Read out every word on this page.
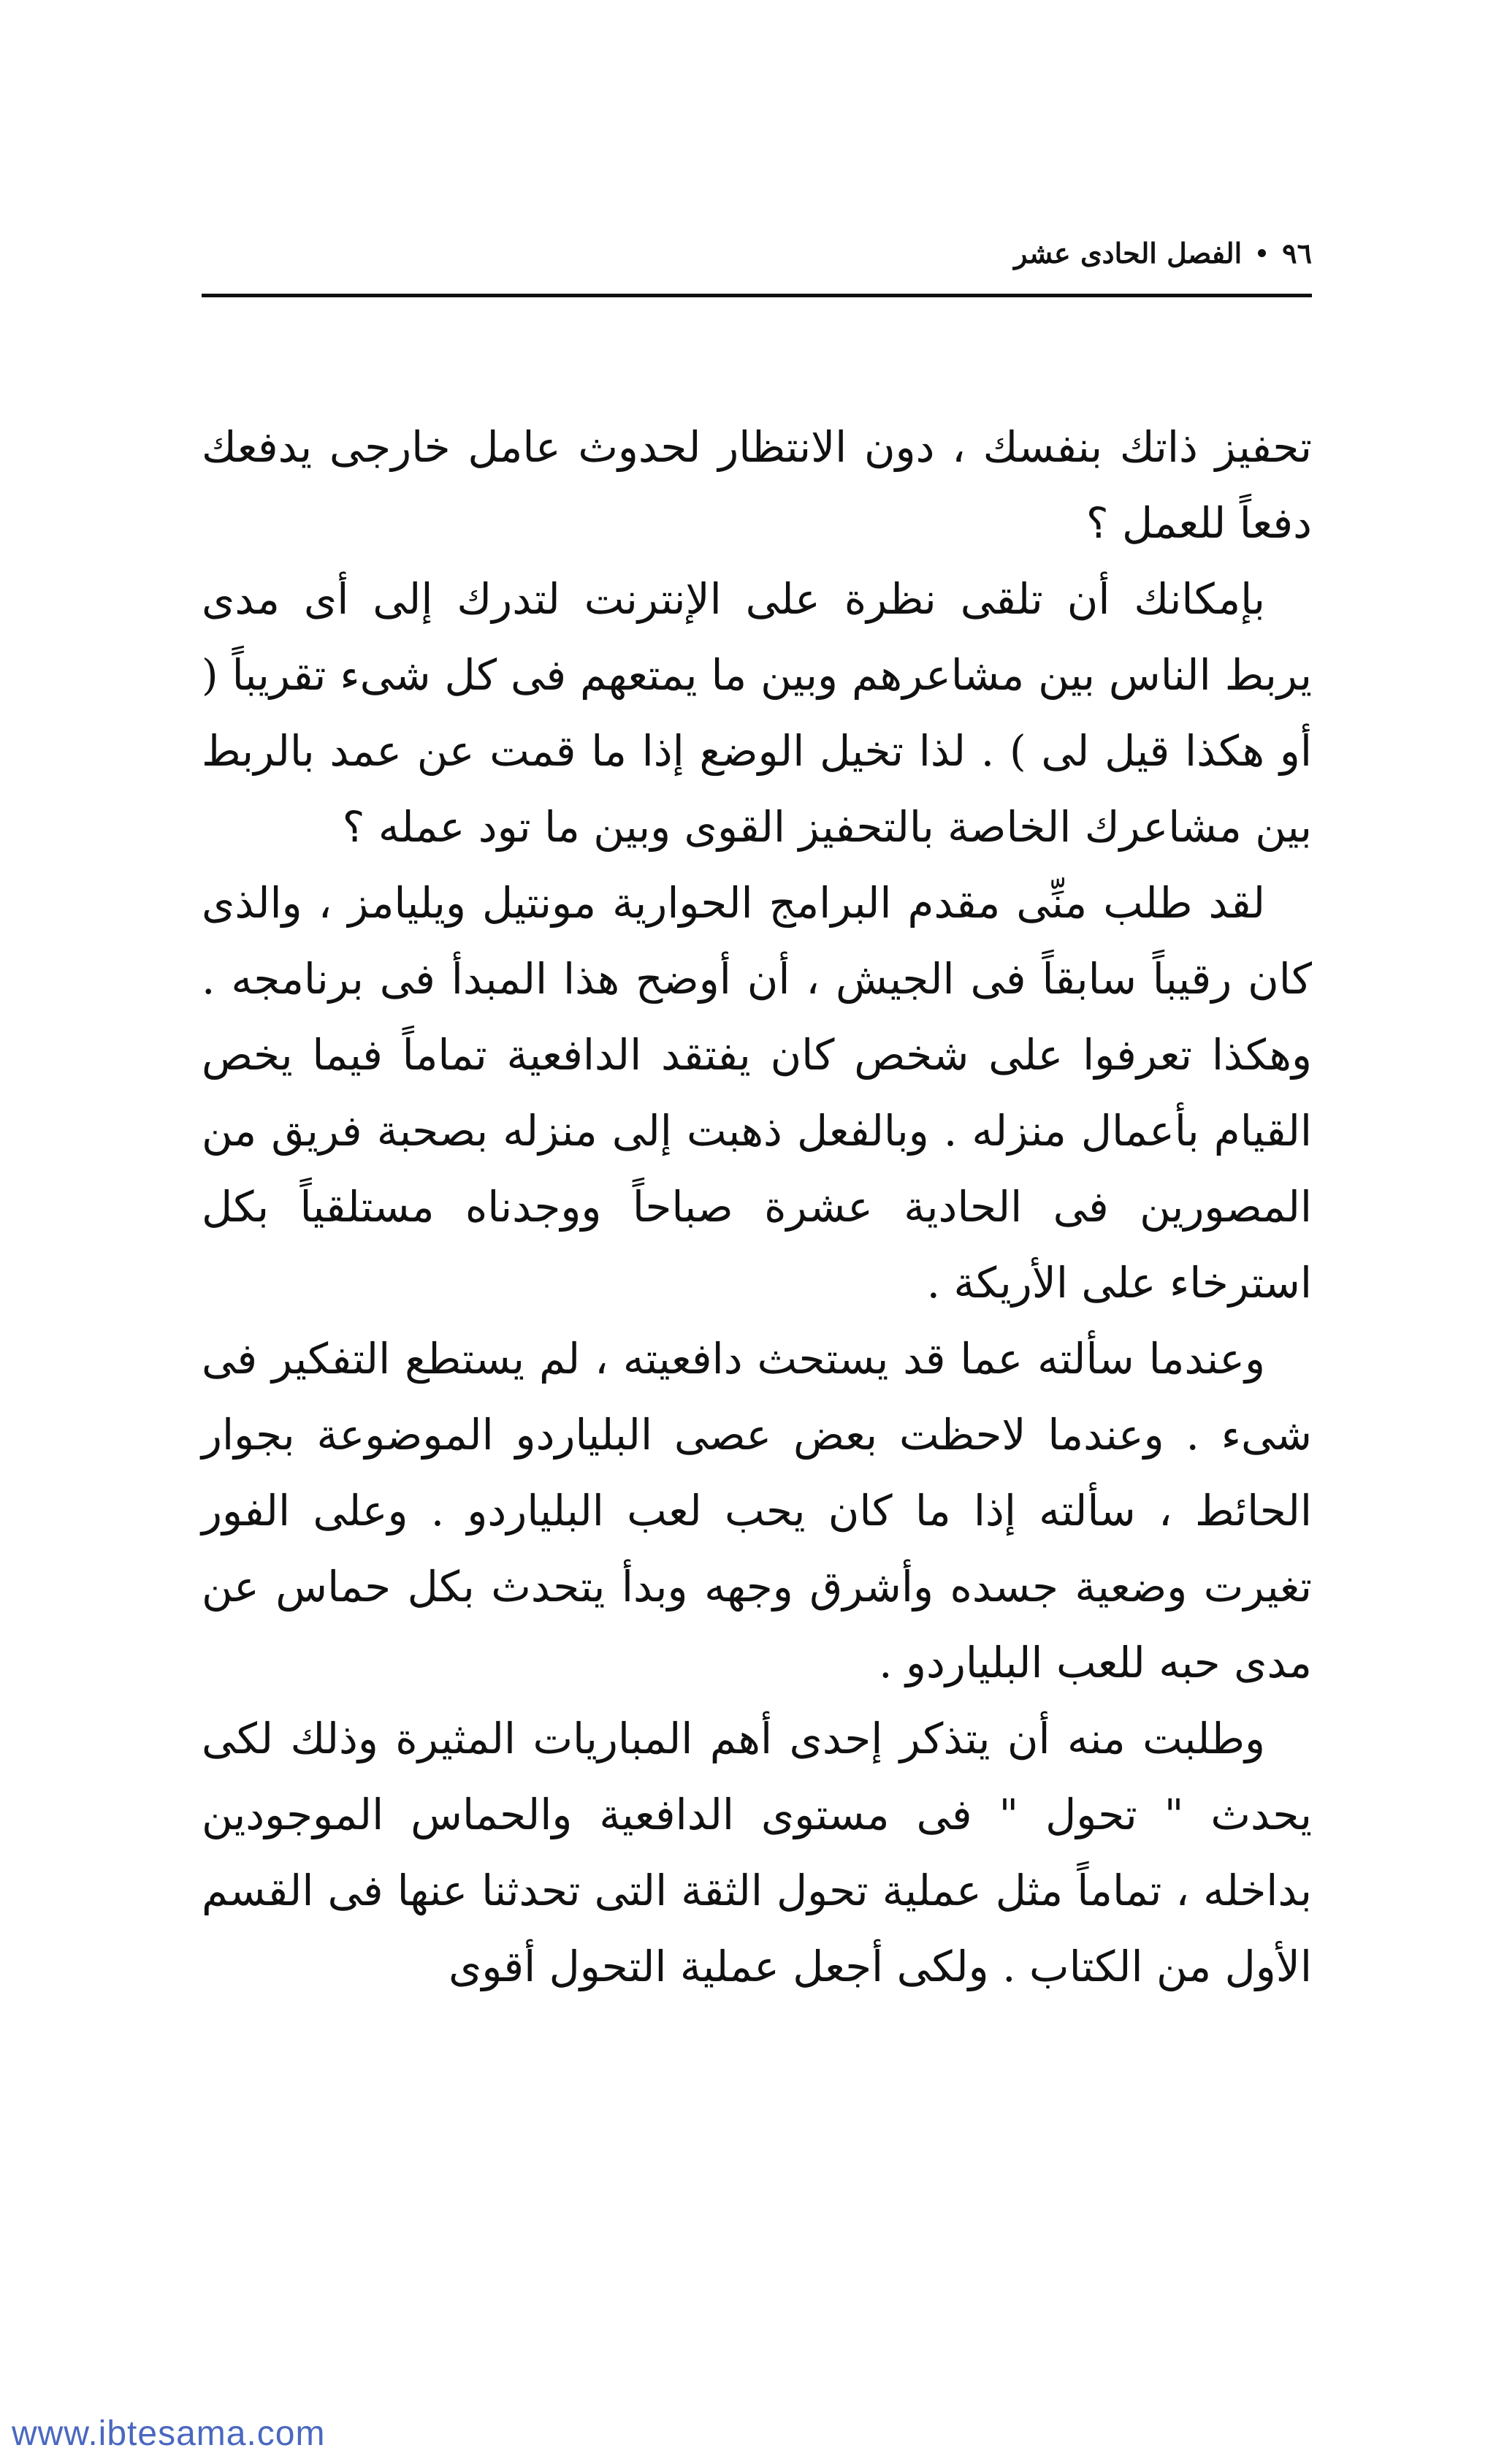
٩٦
الفصل الحادى عشر

تحفيز ذاتك بنفسك ، دون الانتظار لحدوث عامل خارجى يدفعك دفعاً للعمل ؟

بإمكانك أن تلقى نظرة على الإنترنت لتدرك إلى أى مدى يربط الناس بين مشاعرهم وبين ما يمتعهم فى كل شىء تقريباً ( أو هكذا قيل لى ) . لذا تخيل الوضع إذا ما قمت عن عمد بالربط بين مشاعرك الخاصة بالتحفيز القوى وبين ما تود عمله ؟

لقد طلب منِّى مقدم البرامج الحوارية مونتيل ويليامز ، والذى كان رقيباً سابقاً فى الجيش ، أن أوضح هذا المبدأ فى برنامجه . وهكذا تعرفوا على شخص كان يفتقد الدافعية تماماً فيما يخص القيام بأعمال منزله . وبالفعل ذهبت إلى منزله بصحبة فريق من المصورين فى الحادية عشرة صباحاً ووجدناه مستلقياً بكل استرخاء على الأريكة .

وعندما سألته عما قد يستحث دافعيته ، لم يستطع التفكير فى شىء . وعندما لاحظت بعض عصى البلياردو الموضوعة بجوار الحائط ، سألته إذا ما كان يحب لعب البلياردو . وعلى الفور تغيرت وضعية جسده وأشرق وجهه وبدأ يتحدث بكل حماس عن مدى حبه للعب البلياردو .

وطلبت منه أن يتذكر إحدى أهم المباريات المثيرة وذلك لكى يحدث " تحول " فى مستوى الدافعية والحماس الموجودين بداخله ، تماماً مثل عملية تحول الثقة التى تحدثنا عنها فى القسم الأول من الكتاب . ولكى أجعل عملية التحول أقوى

www.ibtesama.com
